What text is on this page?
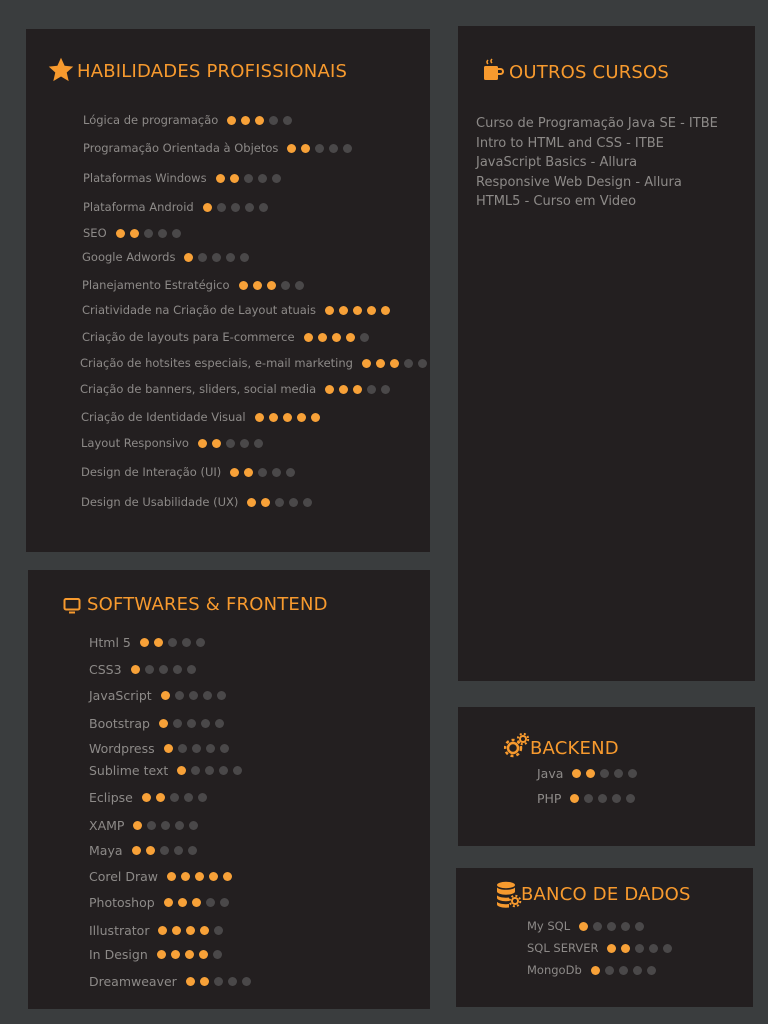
HABILIDADES PROFISSIONAIS
Lógica de programação
Programação Orientada à Objetos
Plataformas Windows
Plataforma Android
SEO
Google Adwords
Planejamento Estratégico
Criatividade na Criação de Layout atuais
Criação de layouts para E-commerce
Criação de hotsites especiais, e-mail marketing
Criação de banners, sliders, social media
Criação de Identidade Visual
Layout Responsivo
Design de Interação (UI)
Design de Usabilidade (UX)
OUTROS CURSOS
Curso de Programação Java SE - ITBE
Intro to HTML and CSS - ITBE
JavaScript Basics - Allura
Responsive Web Design - Allura
HTML5 - Curso em Video
SOFTWARES & FRONTEND
Html 5
CSS3
JavaScript
Bootstrap
Wordpress
Sublime text
Eclipse
XAMP
Maya
Corel Draw
Photoshop
Illustrator
In Design
Dreamweaver
BACKEND
Java
PHP
BANCO DE DADOS
My SQL
SQL SERVER
MongoDb
